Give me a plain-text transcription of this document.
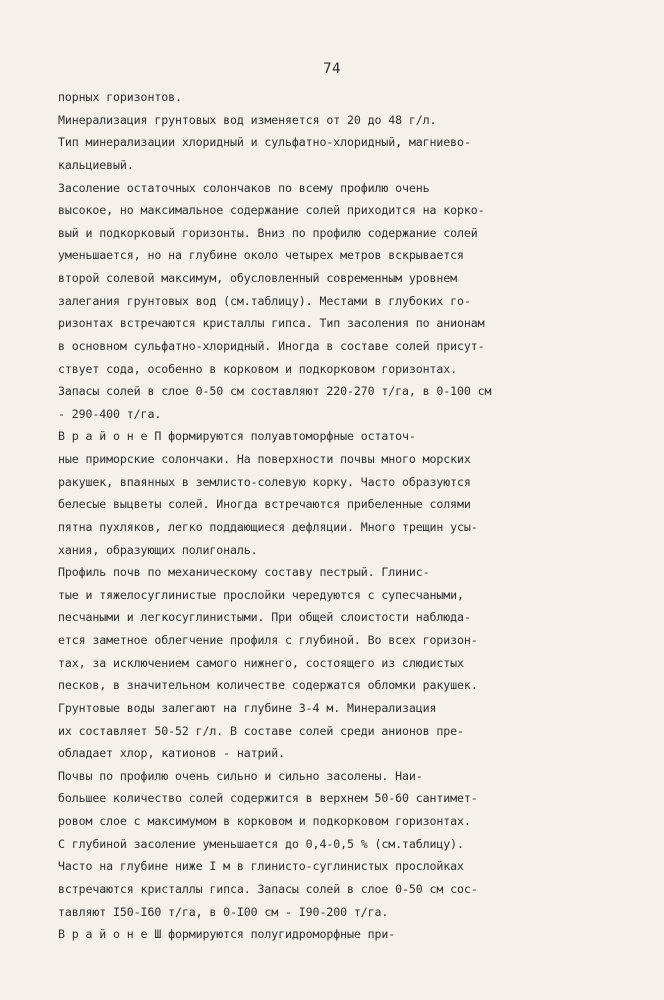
74
порных горизонтов.
Минерализация грунтовых вод изменяется от 20 до 48 г/л.
Тип минерализации хлоридный и сульфатно-хлоридный, магниево-
кальциевый.
Засоление остаточных солончаков по всему профилю очень
высокое, но максимальное содержание солей приходится на корко-
вый и подкорковый горизонты. Вниз по профилю содержание солей
уменьшается, но на глубине около четырех метров вскрывается
второй солевой максимум, обусловленный современным уровнем
залегания грунтовых вод (см.таблицу). Местами в глубоких го-
ризонтах встречаются кристаллы гипса. Тип засоления по анионам
в основном сульфатно-хлоридный. Иногда в составе солей присут-
ствует сода, особенно в корковом и подкорковом горизонтах.
Запасы солей в слое 0-50 см составляют 220-270 т/га, в 0-100 см
- 290-400 т/га.
В р а й о н е П формируются полуавтоморфные остаточ-
ные приморские солончаки. На поверхности почвы много морских
ракушек, впаянных в землисто-солевую корку. Часто образуются
белесые выцветы солей. Иногда встречаются прибеленные солями
пятна пухляков, легко поддающиеся дефляции. Много трещин усы-
хания, образующих полигональ.
Профиль почв по механическому составу пестрый. Глинис-
тые и тяжелосуглинистые прослойки чередуются с супесчаными,
песчаными и легкосуглинистыми. При общей слоистости наблюда-
ется заметное облегчение профиля с глубиной. Во всех горизон-
тах, за исключением самого нижнего, состоящего из слюдистых
песков, в значительном количестве содержатся обломки ракушек.
Грунтовые воды залегают на глубине 3-4 м. Минерализация
их составляет 50-52 г/л. В составе солей среди анионов пре-
обладает хлор, катионов - натрий.
Почвы по профилю очень сильно и сильно засолены. Наи-
большее количество солей содержится в верхнем 50-60 сантимет-
ровом слое с максимумом в корковом и подкорковом горизонтах.
С глубиной засоление уменьшается до 0,4-0,5 % (см.таблицу).
Часто на глубине ниже I м в глинисто-суглинистых прослойках
встречаются кристаллы гипса. Запасы солей в слое 0-50 см сос-
тавляют I50-I60 т/га, в 0-I00 см - I90-200 т/га.
В р а й о н е Ш формируются полугидроморфные при-
